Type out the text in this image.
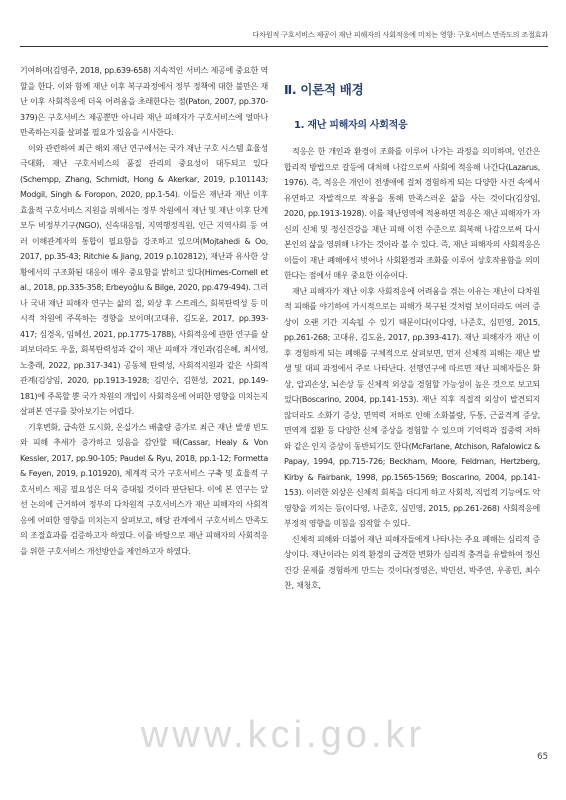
다차원적 구호서비스 제공이 재난 피해자의 사회적응에 미치는 영향: 구호서비스 만족도의 조절효과

기여하며(김영주, 2018, pp.639-658) 지속적인 서비스 제공에 중요한 역할을 한다. 이와 함께 재난 이후 복구과정에서 정부 정책에 대한 불만은 재난 이후 사회적응에 더욱 어려움을 초래한다는 점(Paton, 2007, pp.370-379)은 구호서비스 제공뿐만 아니라 재난 피해자가 구호서비스에 얼마나 만족하는지를 살펴볼 필요가 있음을 시사한다.

이와 관련하여 최근 해외 재난 연구에서는 국가 재난 구호 시스템 효율성 극대화, 재난 구호서비스의 품질 관리의 중요성이 대두되고 있다(Schempp, Zhang, Schmidt, Hong & Akerkar, 2019, p.101143; Modgil, Singh & Foropon, 2020, pp.1-54). 이들은 재난과 재난 이후 효율적 구호서비스 지원을 위해서는 정부 차원에서 재난 및 재난 이후 단계 모두 비정부기구(NGO), 신속대응팀, 지역행정직원, 인근 지역사회 등 여러 이해관계자의 통합이 필요함을 강조하고 있으며(Mojtahedi & Oo, 2017, pp.35-43; Ritchie & Jiang, 2019 p.102812), 재난과 유사한 상황에서의 구조화된 대응이 매우 중요함을 밝히고 있다(Himes-Cornell et al., 2018, pp.335-358; Erbeyoğlu & Bilge, 2020, pp.479-494). 그러나 국내 재난 피해자 연구는 삶의 질, 외상 후 스트레스, 회복탄력성 등 미시적 차원에 주목하는 경향을 보이며(고대유, 김도윤, 2017, pp.393-417; 심경옥, 임혜선, 2021, pp.1775-1788), 사회적응에 관한 연구를 살펴보더라도 우울, 회복탄력성과 같이 재난 피해자 개인과(김은혜, 최서영, 노충래, 2022, pp.317-341) 공동체 탄력성, 사회적지원과 같은 사회적 관계(김상임, 2020, pp.1913-1928; 김민수, 김현성, 2021, pp.149-181)에 주목할 뿐 국가 차원의 개입이 사회적응에 어떠한 영향을 미치는지 살펴본 연구를 찾아보기는 어렵다.

기후변화, 급속한 도시화, 온실가스 배출량 증가로 최근 재난 발생 빈도와 피해 추세가 증가하고 있음을 감안할 때(Cassar, Healy & Von Kessler, 2017, pp.90-105; Paudel & Ryu, 2018, pp.1-12; Formetta & Feyen, 2019, p.101920), 체계적 국가 구호서비스 구축 및 효율적 구호서비스 제공 필요성은 더욱 증대될 것이라 판단된다. 이에 본 연구는 앞선 논의에 근거하여 정부의 다차원적 구호서비스가 재난 피해자의 사회적응에 어떠한 영향을 미치는지 살펴보고, 해당 관계에서 구호서비스 만족도의 조절효과를 검증하고자 하였다. 이를 바탕으로 재난 피해자의 사회적응을 위한 구호서비스 개선방안을 제언하고자 하였다.

Ⅱ. 이론적 배경
1. 재난 피해자의 사회적응

적응은 한 개인과 환경이 조화를 이루어 나가는 과정을 의미하며, 인간은 합리적 방법으로 갈등에 대처해 나감으로써 사회에 적응해 나간다(Lazarus, 1976). 즉, 적응은 개인이 전생애에 걸쳐 경험하게 되는 다양한 사건 속에서 유연하고 자발적으로 작용을 통해 만족스러운 삶을 사는 것이다(김상임, 2020, pp.1913-1928). 이를 재난영역에 적용하면 적응은 재난 피해자가 자신의 신체 및 정신건강을 재난 피해 이전 수준으로 회복해 나감으로써 다시 본인의 삶을 영위해 나가는 것이라 볼 수 있다. 즉, 재난 피해자의 사회적응은 이들이 재난 폐해에서 벗어나 사회환경과 조화를 이루어 상호작용함을 의미한다는 점에서 매우 중요한 이슈이다.

재난 피해자가 재난 이후 사회적응에 어려움을 겪는 이유는 재난이 다차원적 피해를 야기하여 가시적으로는 피해가 복구된 것처럼 보이더라도 여러 증상이 오랜 기간 지속될 수 있기 때문이다(이다영, 나준호, 심민영, 2015, pp.261-268; 고대유, 김도윤, 2017, pp.393-417). 재난 피해자가 재난 이후 경험하게 되는 폐해를 구체적으로 살펴보면, 먼저 신체적 피해는 재난 발생 및 대피 과정에서 주로 나타난다. 선행연구에 따르면 재난 피해자들은 화상, 압괴손상, 뇌손상 등 신체적 외상을 경험할 가능성이 높은 것으로 보고되었다(Boscarino, 2004, pp.141-153). 재난 직후 직접적 외상이 발견되지 않더라도 소화기 증상, 면역력 저하로 인해 소화불량, 두통, 근골격계 증상, 면역계 질환 등 다양한 신체 증상을 경험할 수 있으며 기억력과 집중력 저하와 같은 인지 증상이 동반되기도 한다(McFarlane, Atchison, Rafalowicz & Papay, 1994, pp.715-726; Beckham, Moore, Feldman, Hertzberg, Kirby & Fairbank, 1998, pp.1565-1569; Boscarino, 2004, pp.141-153). 이러한 외상은 신체적 회복을 더디게 하고 사회적, 직업적 기능에도 악영향을 끼치는 등(이다영, 나준호, 심민영, 2015, pp.261-268) 사회적응에 부정적 영향을 미침을 짐작할 수 있다.

신체적 피해와 더불어 재난 피해자들에게 나타나는 주요 폐해는 심리적 증상이다. 재난이라는 외적 환경의 급격한 변화가 심리적 충격을 유발하여 정신건강 문제를 경험하게 만드는 것이다(정영은, 박민선, 박주연, 우종민, 최수찬, 채청호,

www.kci.go.kr
65
